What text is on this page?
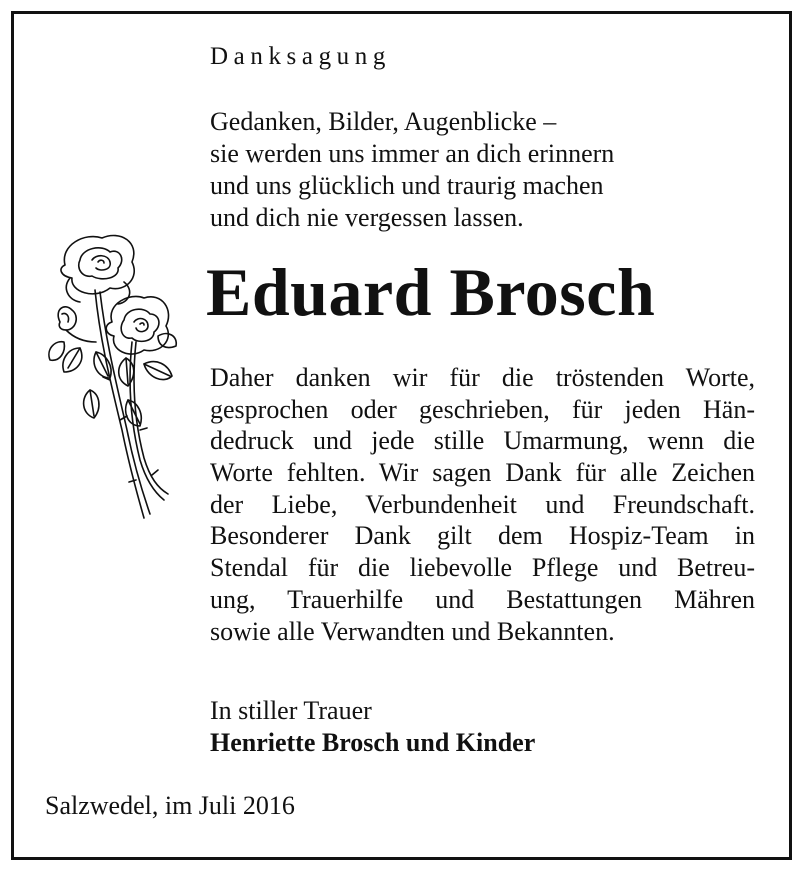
Danksagung
Gedanken, Bilder, Augenblicke –
sie werden uns immer an dich erinnern
und uns glücklich und traurig machen
und dich nie vergessen lassen.
Eduard Brosch
Daher danken wir für die tröstenden Worte,
gesprochen oder geschrieben, für jeden Hän-
dedruck und jede stille Umarmung, wenn die
Worte fehlten. Wir sagen Dank für alle Zeichen
der Liebe, Verbundenheit und Freundschaft.
Besonderer Dank gilt dem Hospiz-Team in
Stendal für die liebevolle Pflege und Betreu-
ung, Trauerhilfe und Bestattungen Mähren
sowie alle Verwandten und Bekannten.
In stiller Trauer
Henriette Brosch und Kinder
Salzwedel, im Juli 2016
